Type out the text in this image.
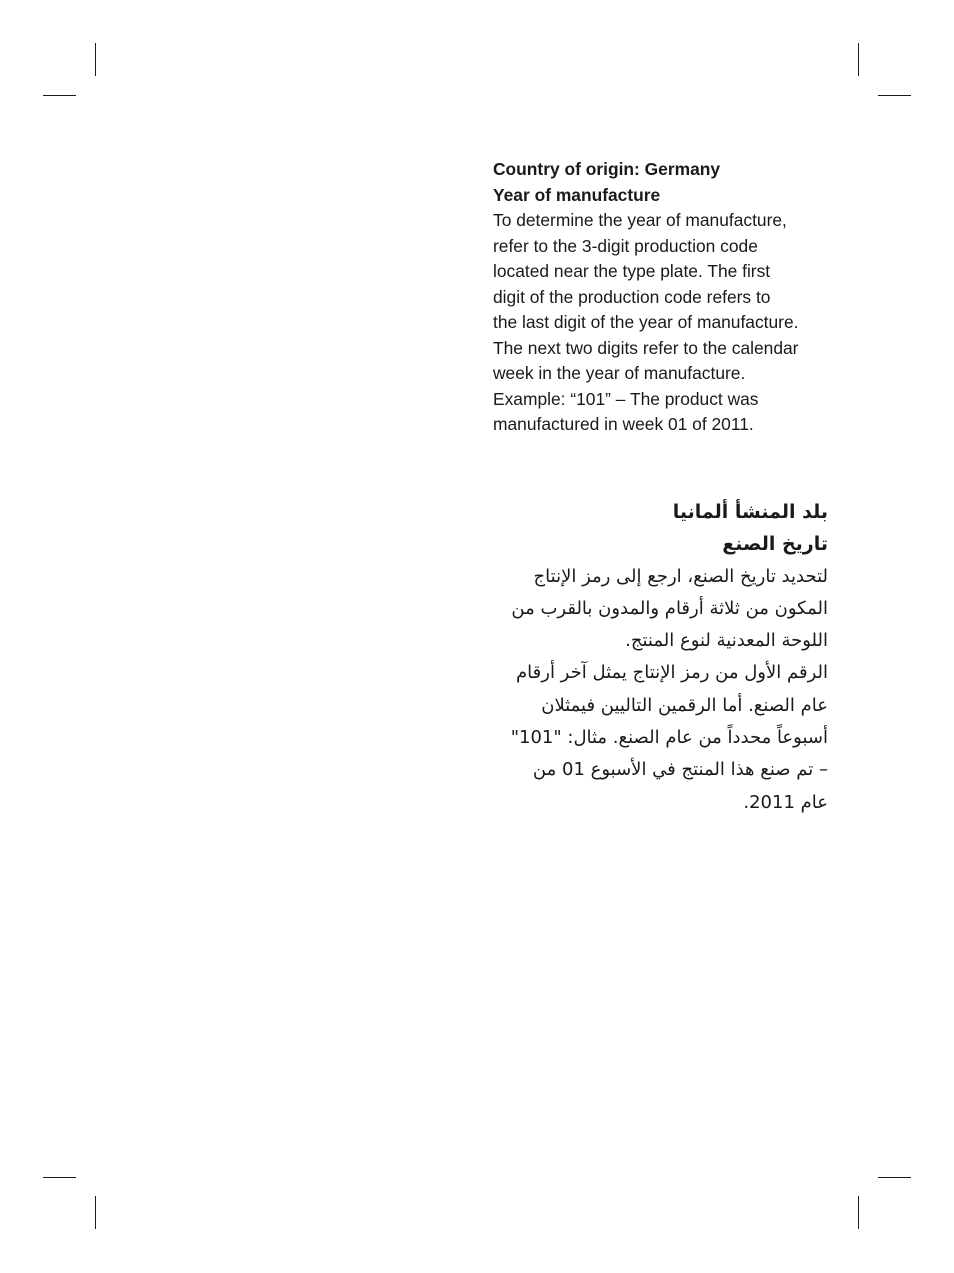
Country of origin: Germany
Year of manufacture
To determine the year of manufacture,
refer to the 3-digit production code
located near the type plate. The first
digit of the production code refers to
the last digit of the year of manufacture.
The next two digits refer to the calendar
week in the year of manufacture.
Example: “101” – The product was
manufactured in week 01 of 2011.
بلد المنشأ ألمانيا
تاريخ الصنع
لتحديد تاريخ الصنع، ارجع إلى رمز الإنتاج
المكون من ثلاثة أرقام والمدون بالقرب من
اللوحة المعدنية لنوع المنتج.
الرقم الأول من رمز الإنتاج يمثل آخر أرقام
عام الصنع. أما الرقمين التاليين فيمثلان
أسبوعاً محدداً من عام الصنع. مثال: "101"
– تم صنع هذا المنتج في الأسبوع 01 من
عام 2011.
